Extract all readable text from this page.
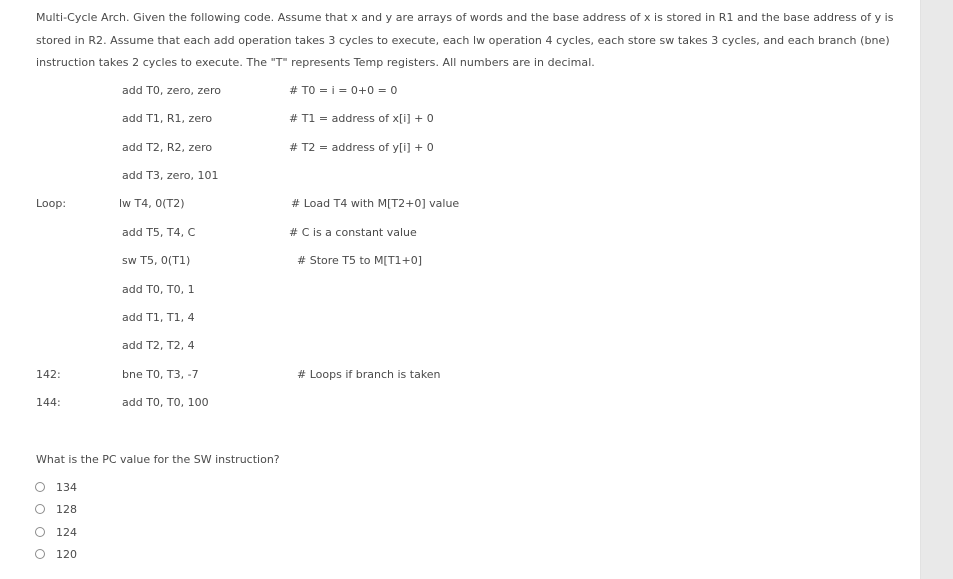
Multi-Cycle Arch. Given the following code. Assume that x and y are arrays of words and the base address of x is stored in R1 and the base address of y is
stored in R2. Assume that each add operation takes 3 cycles to execute, each lw operation 4 cycles, each store sw takes 3 cycles, and each branch (bne)
instruction takes 2 cycles to execute. The "T" represents Temp registers. All numbers are in decimal.
add T0, zero, zero	# T0 = i = 0+0 = 0
add T1, R1, zero	# T1 = address of x[i] + 0
add T2, R2, zero	# T2 = address of y[i] + 0
add T3, zero, 101
Loop:	lw T4, 0(T2)	# Load T4 with M[T2+0] value
add T5, T4, C	# C is a constant value
sw T5, 0(T1)	# Store T5 to M[T1+0]
add T0, T0, 1
add T1, T1, 4
add T2, T2, 4
142:	bne T0, T3, -7	# Loops if branch is taken
144:	add T0, T0, 100
What is the PC value for the SW instruction?
134
128
124
120
